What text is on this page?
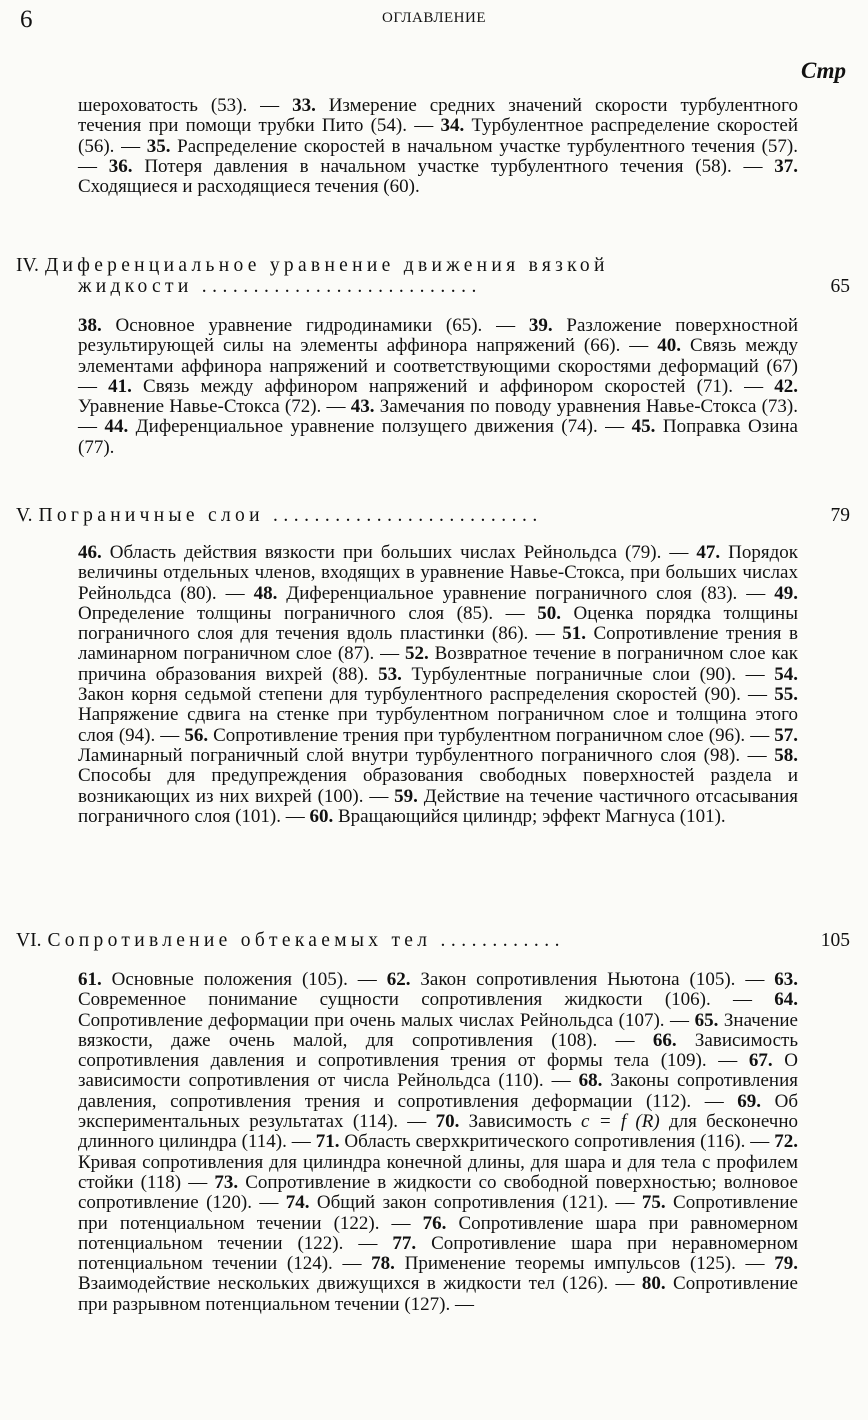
6	ОГЛАВЛЕНИЕ
Стр
шероховатость (53). — 33. Измерение средних значений скорости турбулентного течения при помощи трубки Пито (54). — 34. Турбулентное распределение скоростей (56). — 35. Распределение скоростей в начальном участке турбулентного течения (57). — 36. Потеря давления в начальном участке турбулентного течения (58). — 37. Сходящиеся и расходящиеся течения (60).
IV. Диференциальное уравнение движения вязкой
жидкости ...........................	65
38. Основное уравнение гидродинамики (65). — 39. Разложение поверхностной результирующей силы на элементы аффинора напряжений (66). — 40. Связь между элементами аффинора напряжений и соответствующими скоростями деформаций (67) — 41. Связь между аффинором напряжений и аффинором скоростей (71). — 42. Уравнение Навье-Стокса (72). — 43. Замечания по поводу уравнения Навье-Стокса (73). — 44. Диференциальное уравнение ползущего движения (74). — 45. Поправка Озина (77).
V. Пограничные слои ..........................	79
46. Область действия вязкости при больших числах Рейнольдса (79). — 47. Порядок величины отдельных членов, входящих в уравнение Навье-Стокса, при больших числах Рейнольдса (80). — 48. Диференциальное уравнение пограничного слоя (83). — 49. Определение толщины пограничного слоя (85). — 50. Оценка порядка толщины пограничного слоя для течения вдоль пластинки (86). — 51. Сопротивление трения в ламинарном пограничном слое (87). — 52. Возвратное течение в пограничном слое как причина образования вихрей (88). 53. Турбулентные пограничные слои (90). — 54. Закон корня седьмой степени для турбулентного распределения скоростей (90). — 55. Напряжение сдвига на стенке при турбулентном пограничном слое и толщина этого слоя (94). — 56. Сопротивление трения при турбулентном пограничном слое (96). — 57. Ламинарный пограничный слой внутри турбулентного пограничного слоя (98). — 58. Способы для предупреждения образования свободных поверхностей раздела и возникающих из них вихрей (100). — 59. Действие на течение частичного отсасывания пограничного слоя (101). — 60. Вращающийся цилиндр; эффект Магнуса (101).
VI. Сопротивление обтекаемых тел ............	105
61. Основные положения (105). — 62. Закон сопротивления Ньютона (105). — 63. Современное понимание сущности сопротивления жидкости (106). — 64. Сопротивление деформации при очень малых числах Рейнольдса (107). — 65. Значение вязкости, даже очень малой, для сопротивления (108). — 66. Зависимость сопротивления давления и сопротивления трения от формы тела (109). — 67. О зависимости сопротивления от числа Рейнольдса (110). — 68. Законы сопротивления давления, сопротивления трения и сопротивления деформации (112). — 69. Об экспериментальных результатах (114). — 70. Зависимость c = f (R) для бесконечно длинного цилиндра (114). — 71. Область сверхкритического сопротивления (116). — 72. Кривая сопротивления для цилиндра конечной длины, для шара и для тела с профилем стойки (118) — 73. Сопротивление в жидкости со свободной поверхностью; волновое сопротивление (120). — 74. Общий закон сопротивления (121). — 75. Сопротивление при потенциальном течении (122). — 76. Сопротивление шара при равномерном потенциальном течении (122). — 77. Сопротивление шара при неравномерном потенциальном течении (124). — 78. Применение теоремы импульсов (125). — 79. Взаимодействие нескольких движущихся в жидкости тел (126). — 80. Сопротивление при разрывном потенциальном течении (127). —
